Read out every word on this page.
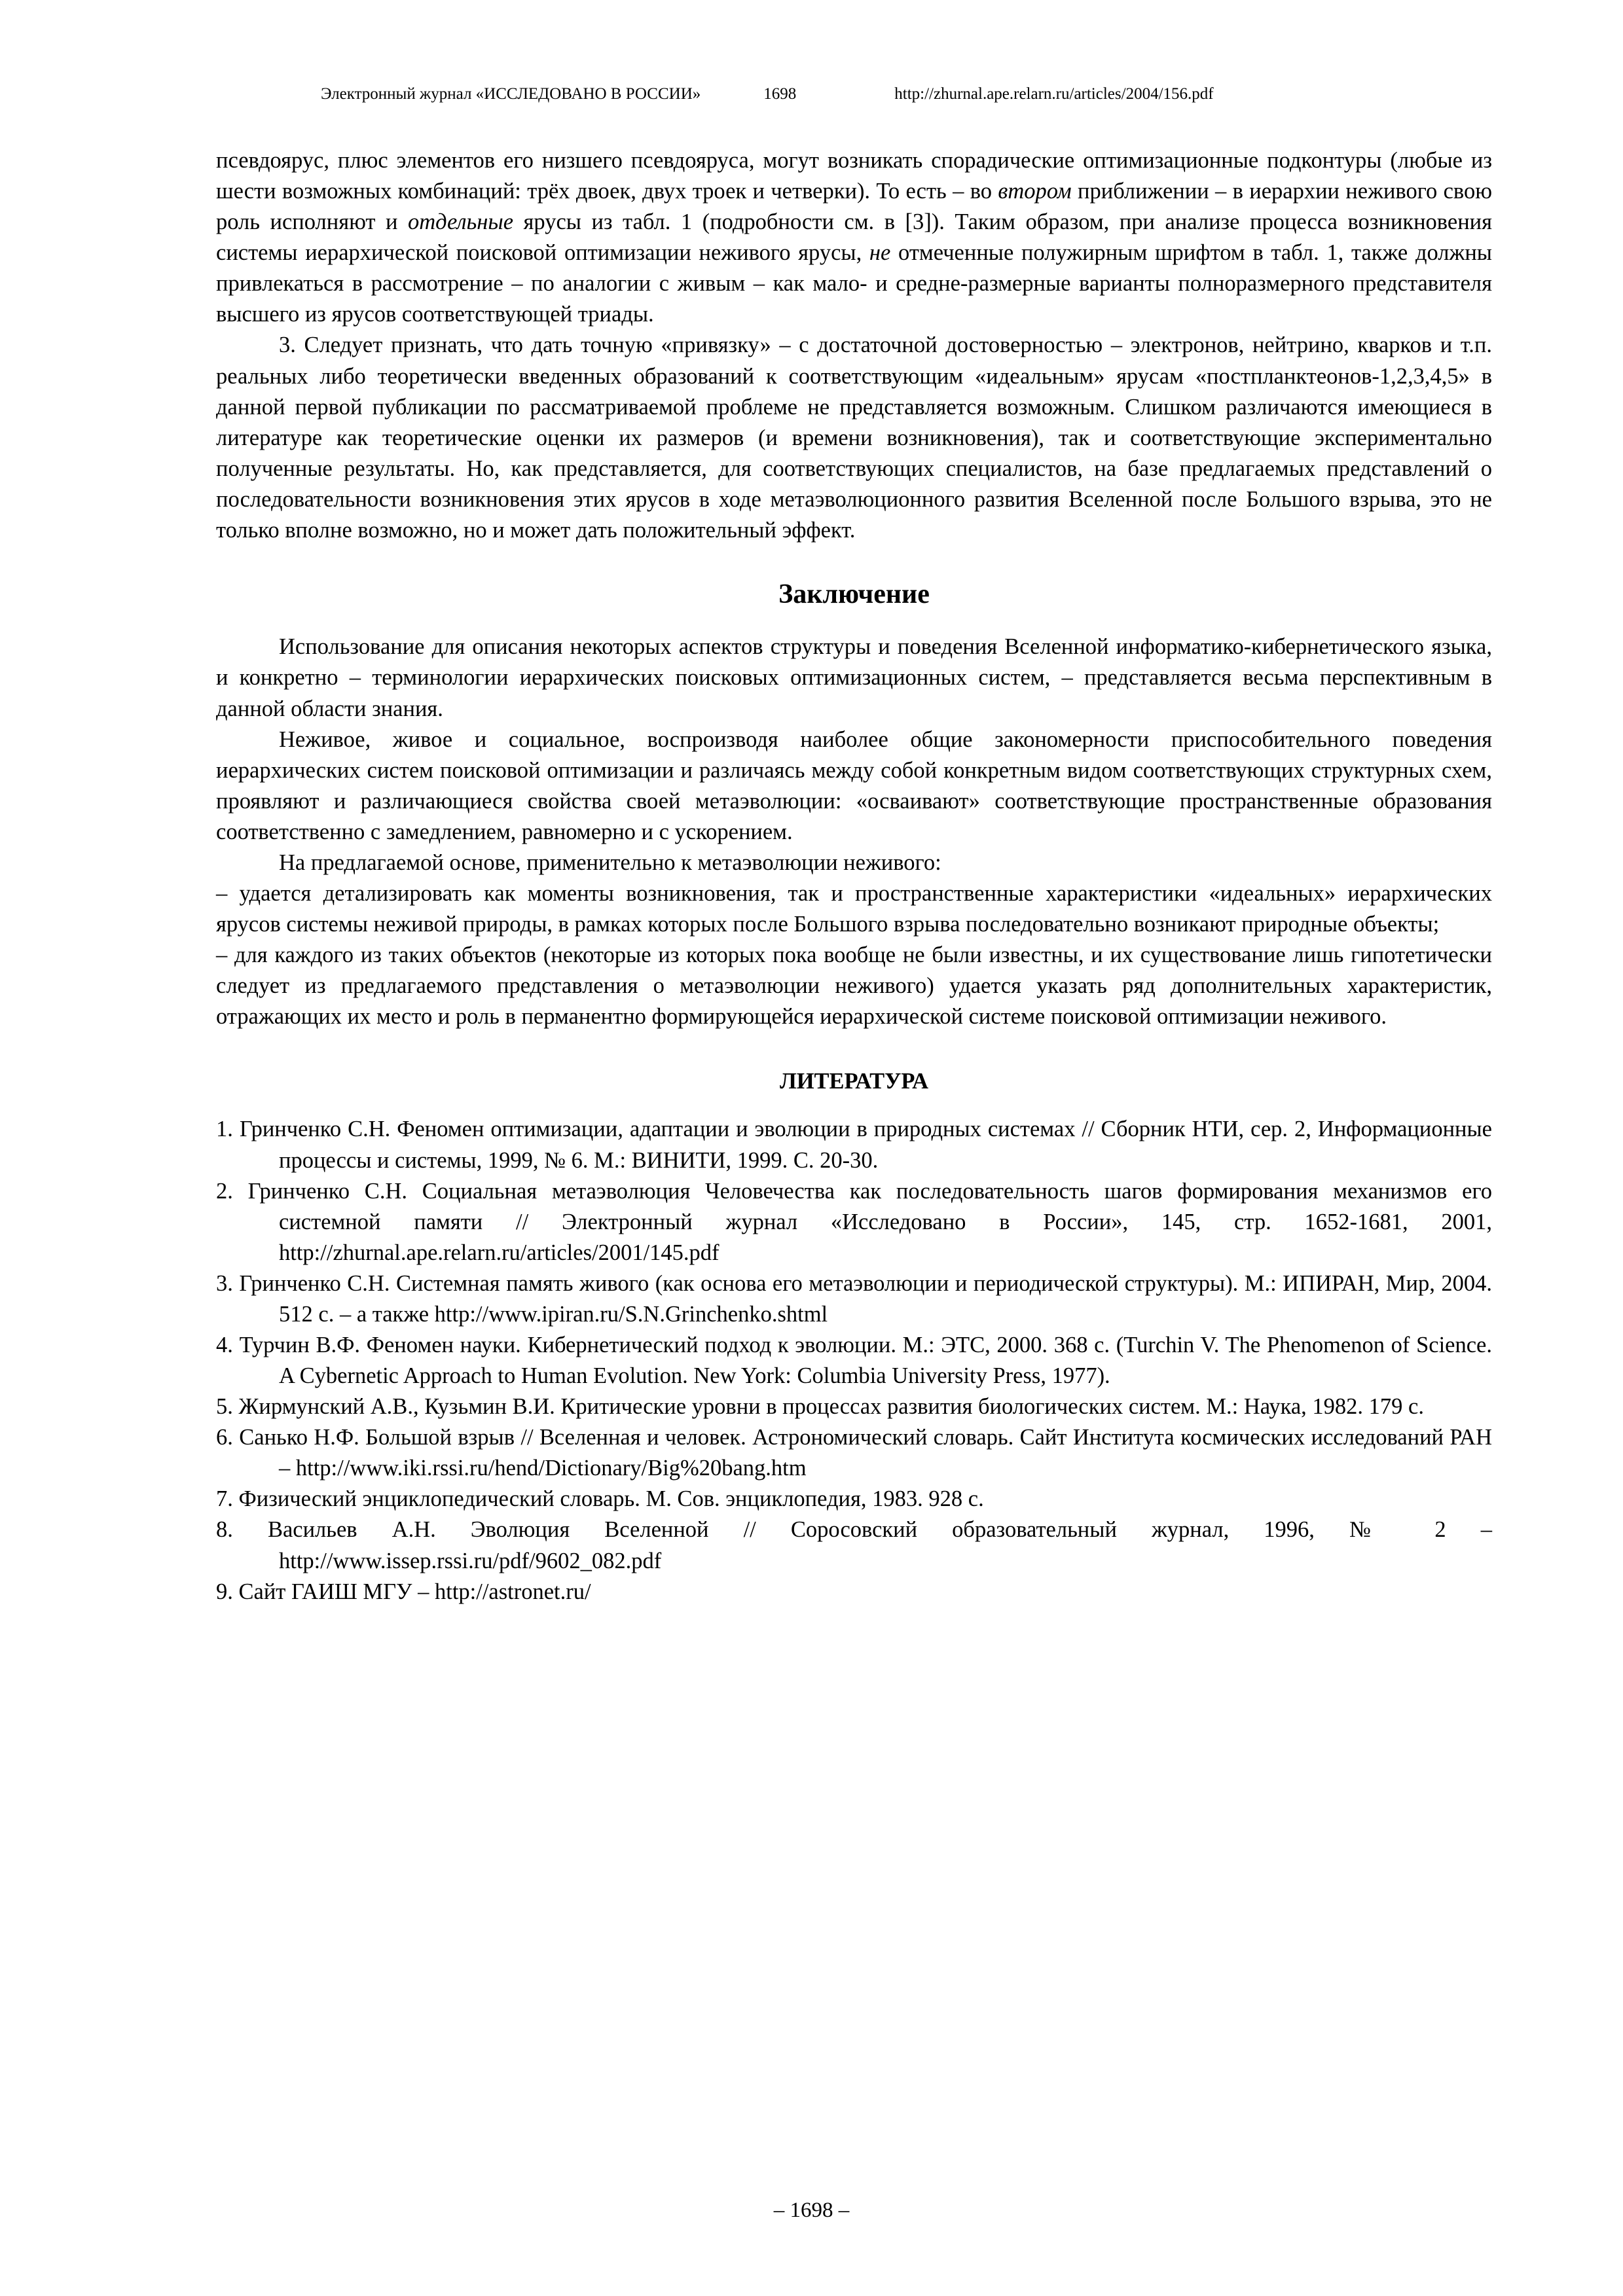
Электронный журнал «ИССЛЕДОВАНО В РОССИИ»	1698	http://zhurnal.ape.relarn.ru/articles/2004/156.pdf

псевдоярус, плюс элементов его низшего псевдояруса, могут возникать спорадические оптимизационные подконтуры (любые из шести возможных комбинаций: трёх двоек, двух троек и четверки). То есть – во втором приближении – в иерархии неживого свою роль исполняют и отдельные ярусы из табл. 1 (подробности см. в [3]). Таким образом, при анализе процесса возникновения системы иерархической поисковой оптимизации неживого ярусы, не отмеченные полужирным шрифтом в табл. 1, также должны привлекаться в рассмотрение – по аналогии с живым – как мало- и средне-размерные варианты полноразмерного представителя высшего из ярусов соответствующей триады.

3. Следует признать, что дать точную «привязку» – с достаточной достоверностью – электронов, нейтрино, кварков и т.п. реальных либо теоретически введенных образований к соответствующим «идеальным» ярусам «постпланктеонов-1,2,3,4,5» в данной первой публикации по рассматриваемой проблеме не представляется возможным. Слишком различаются имеющиеся в литературе как теоретические оценки их размеров (и времени возникновения), так и соответствующие экспериментально полученные результаты. Но, как представляется, для соответствующих специалистов, на базе предлагаемых представлений о последовательности возникновения этих ярусов в ходе метаэволюционного развития Вселенной после Большого взрыва, это не только вполне возможно, но и может дать положительный эффект.

Заключение

Использование для описания некоторых аспектов структуры и поведения Вселенной информатико-кибернетического языка, и конкретно – терминологии иерархических поисковых оптимизационных систем, – представляется весьма перспективным в данной области знания.

Неживое, живое и социальное, воспроизводя наиболее общие закономерности приспособительного поведения иерархических систем поисковой оптимизации и различаясь между собой конкретным видом соответствующих структурных схем, проявляют и различающиеся свойства своей метаэволюции: «осваивают» соответствующие пространственные образования соответственно с замедлением, равномерно и с ускорением.

На предлагаемой основе, применительно к метаэволюции неживого:

– удается детализировать как моменты возникновения, так и пространственные характеристики «идеальных» иерархических ярусов системы неживой природы, в рамках которых после Большого взрыва последовательно возникают природные объекты;

– для каждого из таких объектов (некоторые из которых пока вообще не были известны, и их существование лишь гипотетически следует из предлагаемого представления о метаэволюции неживого) удается указать ряд дополнительных характеристик, отражающих их место и роль в перманентно формирующейся иерархической системе поисковой оптимизации неживого.

ЛИТЕРАТУРА
1. Гринченко С.Н. Феномен оптимизации, адаптации и эволюции в природных системах // Сборник НТИ, сер. 2, Информационные процессы и системы, 1999, № 6. М.: ВИНИТИ, 1999. С. 20-30.
2. Гринченко С.Н. Социальная метаэволюция Человечества как последовательность шагов формирования механизмов его системной памяти // Электронный журнал «Исследовано в России», 145, стр. 1652-1681, 2001, http://zhurnal.ape.relarn.ru/articles/2001/145.pdf
3. Гринченко С.Н. Системная память живого (как основа его метаэволюции и периодической структуры). М.: ИПИРАН, Мир, 2004. 512 с. – а также http://www.ipiran.ru/S.N.Grinchenko.shtml
4. Турчин В.Ф. Феномен науки. Кибернетический подход к эволюции. М.: ЭТС, 2000. 368 с. (Turchin V. The Phenomenon of Science. A Cybernetic Approach to Human Evolution. New York: Columbia University Press, 1977).
5. Жирмунский А.В., Кузьмин В.И. Критические уровни в процессах развития биологических систем. М.: Наука, 1982. 179 с.
6. Санько Н.Ф. Большой взрыв // Вселенная и человек. Астрономический словарь. Сайт Института космических исследований РАН – http://www.iki.rssi.ru/hend/Dictionary/Big%20bang.htm
7. Физический энциклопедический словарь. М. Сов. энциклопедия, 1983. 928 с.
8. Васильев А.Н. Эволюция Вселенной // Соросовский образовательный журнал, 1996, № 2 – http://www.issep.rssi.ru/pdf/9602_082.pdf
9. Сайт ГАИШ МГУ – http://astronet.ru/
– 1698 –
